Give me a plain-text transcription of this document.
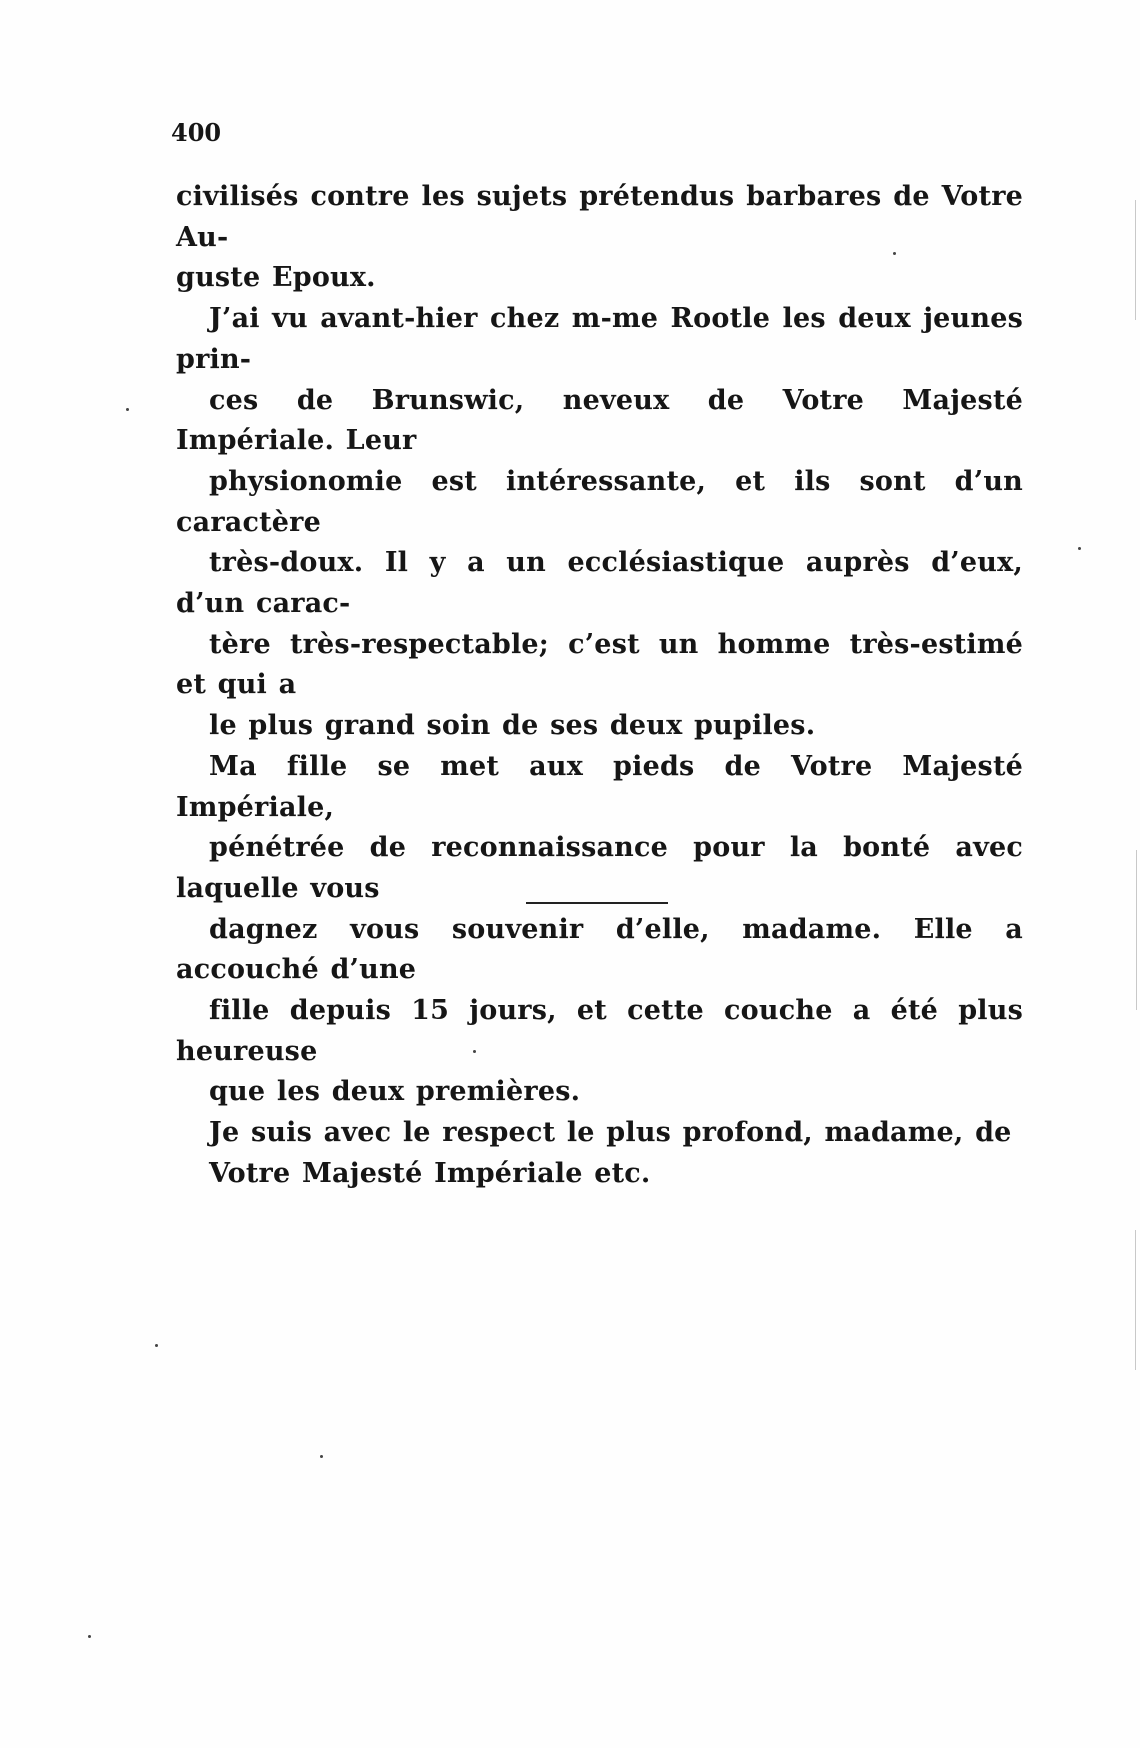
400

civilisés contre les sujets prétendus barbares de Votre Au-
guste Epoux.

J’ai vu avant-hier chez m-me Rootle les deux jeunes prin-
ces de Brunswic, neveux de Votre Majesté Impériale. Leur
physionomie est intéressante, et ils sont d’un caractère
très-doux. Il y a un ecclésiastique auprès d’eux, d’un carac-
tère très-respectable; c’est un homme très-estimé et qui a
le plus grand soin de ses deux pupiles.

Ma fille se met aux pieds de Votre Majesté Impériale,
pénétrée de reconnaissance pour la bonté avec laquelle vous
dagnez vous souvenir d’elle, madame. Elle a accouché d’une
fille depuis 15 jours, et cette couche a été plus heureuse
que les deux premières.

Je suis avec le respect le plus profond, madame, de
Votre Majesté Impériale etc.
